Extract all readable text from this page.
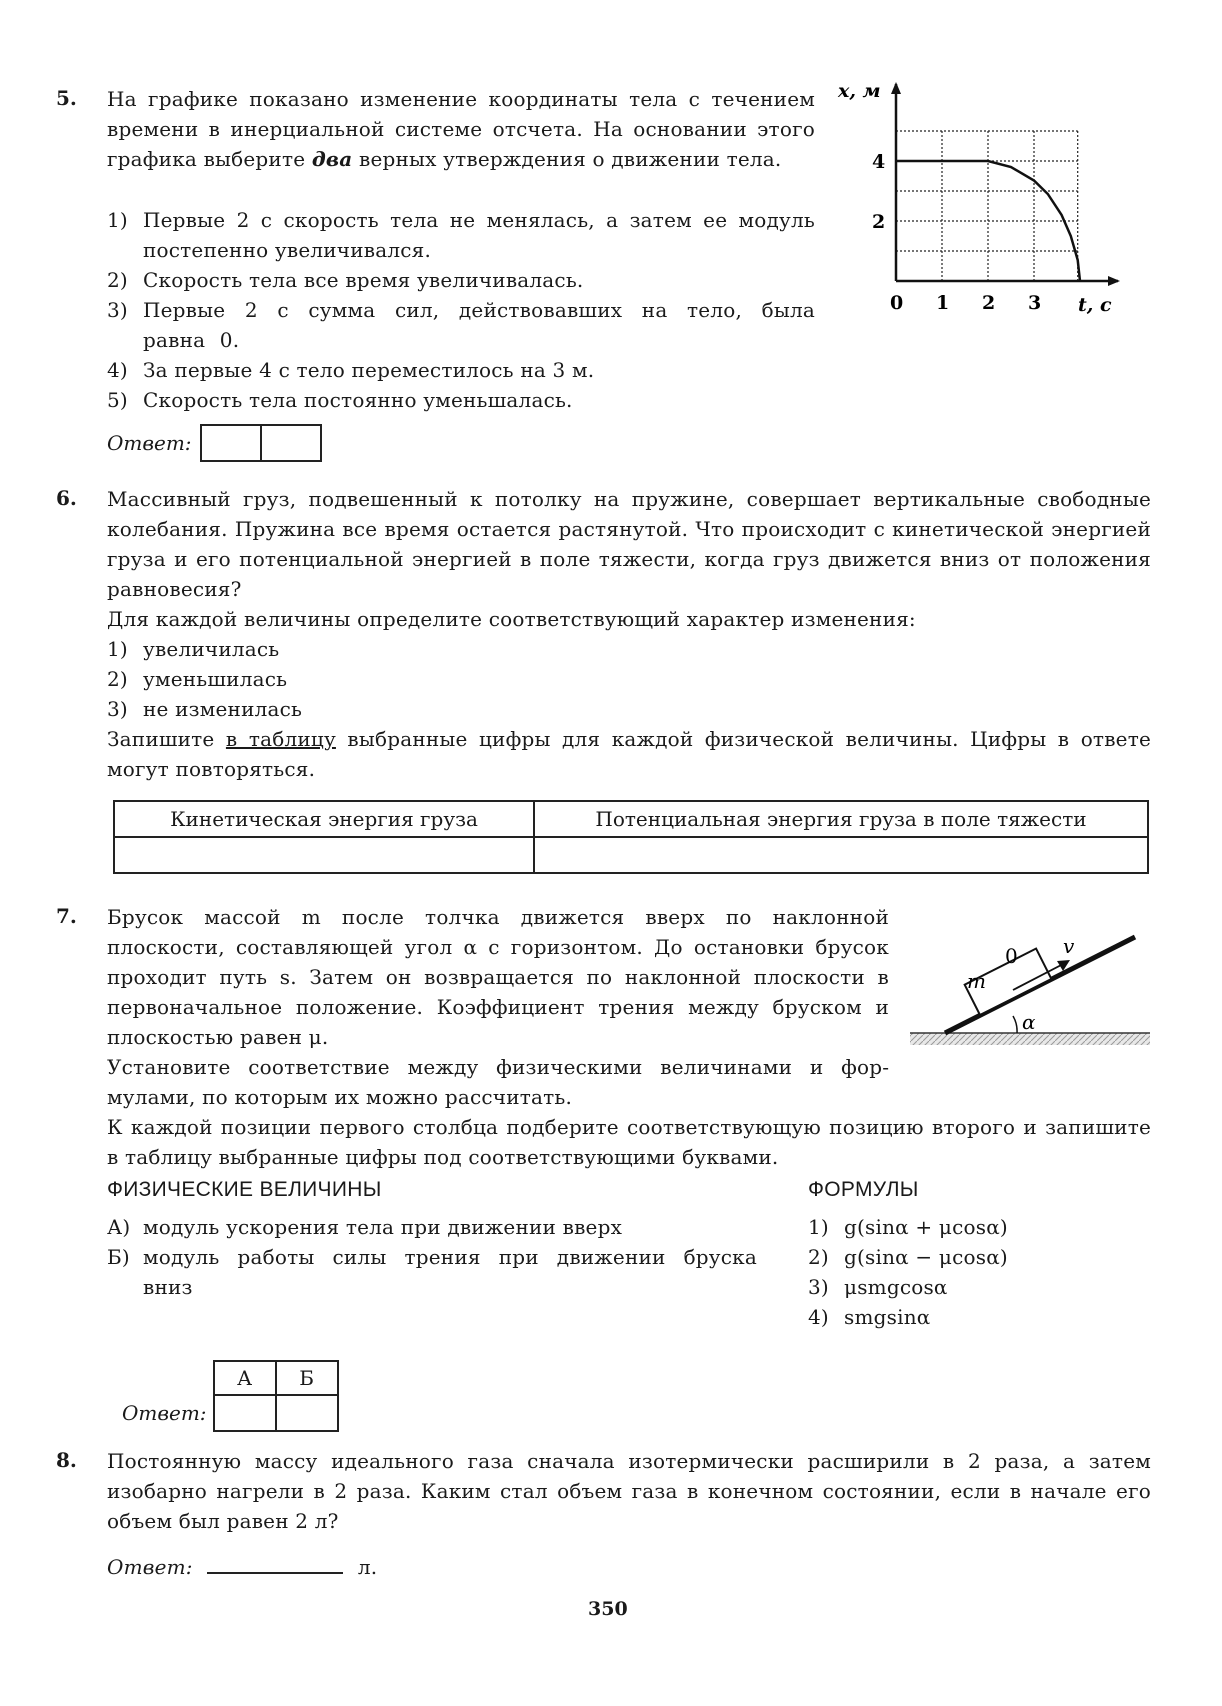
5. На графике показано изменение координаты тела с течением времени в инерциальной системе отсчета. На основании этого графика выберите два верных утверждения о движении тела.
1) Первые 2 с скорость тела не менялась, а затем ее модуль постепенно увеличивался.
2) Скорость тела все время увеличивалась.
3) Первые 2 с сумма сил, действовавших на тело, была равна 0.
4) За первые 4 с тело переместилось на 3 м.
5) Скорость тела постоянно уменьшалась.
Ответ:
0 1 2 3
4
2
x, м
t, с
6. Массивный груз, подвешенный к потолку на пружине, совершает вертикальные свободные колебания. Пружина все время остается растянутой. Что происходит с кинетической энергией груза и его потенциальной энергией в поле тяжести, когда груз движется вниз от положения равновесия?
Для каждой величины определите соответствующий характер изменения:
1) увеличилась
2) уменьшилась
3) не изменилась
Запишите в таблицу выбранные цифры для каждой физической величины. Цифры в ответе могут повторяться.
Кинетическая энергия груза	Потенциальная энергия груза в поле тяжести

7. Брусок массой m после толчка движется вверх по наклонной плоскости, составляющей угол α с горизонтом. До остановки брусок проходит путь s. Затем он возвращается по наклонной плоскости в первоначальное положение. Коэффициент трения между бруском и плоскостью равен μ.
Установите соответствие между физическими величинами и формулами, по которым их можно рассчитать.
К каждой позиции первого столбца подберите соответствующую позицию второго и запишите в таблицу выбранные цифры под соответствующими буквами.
m
0 v
α
ФИЗИЧЕСКИЕ ВЕЛИЧИНЫ	ФОРМУЛЫ
А) модуль ускорения тела при движении вверх
Б) модуль работы силы трения при движении бруска вниз
1) g(sinα + μcosα)
2) g(sinα − μcosα)
3) μsmgcosα
4) smgsinα
Ответ:
А	Б

8. Постоянную массу идеального газа сначала изотермически расширили в 2 раза, а затем изобарно нагрели в 2 раза. Каким стал объем газа в конечном состоянии, если в начале его объем был равен 2 л?
Ответ:	л.
350
